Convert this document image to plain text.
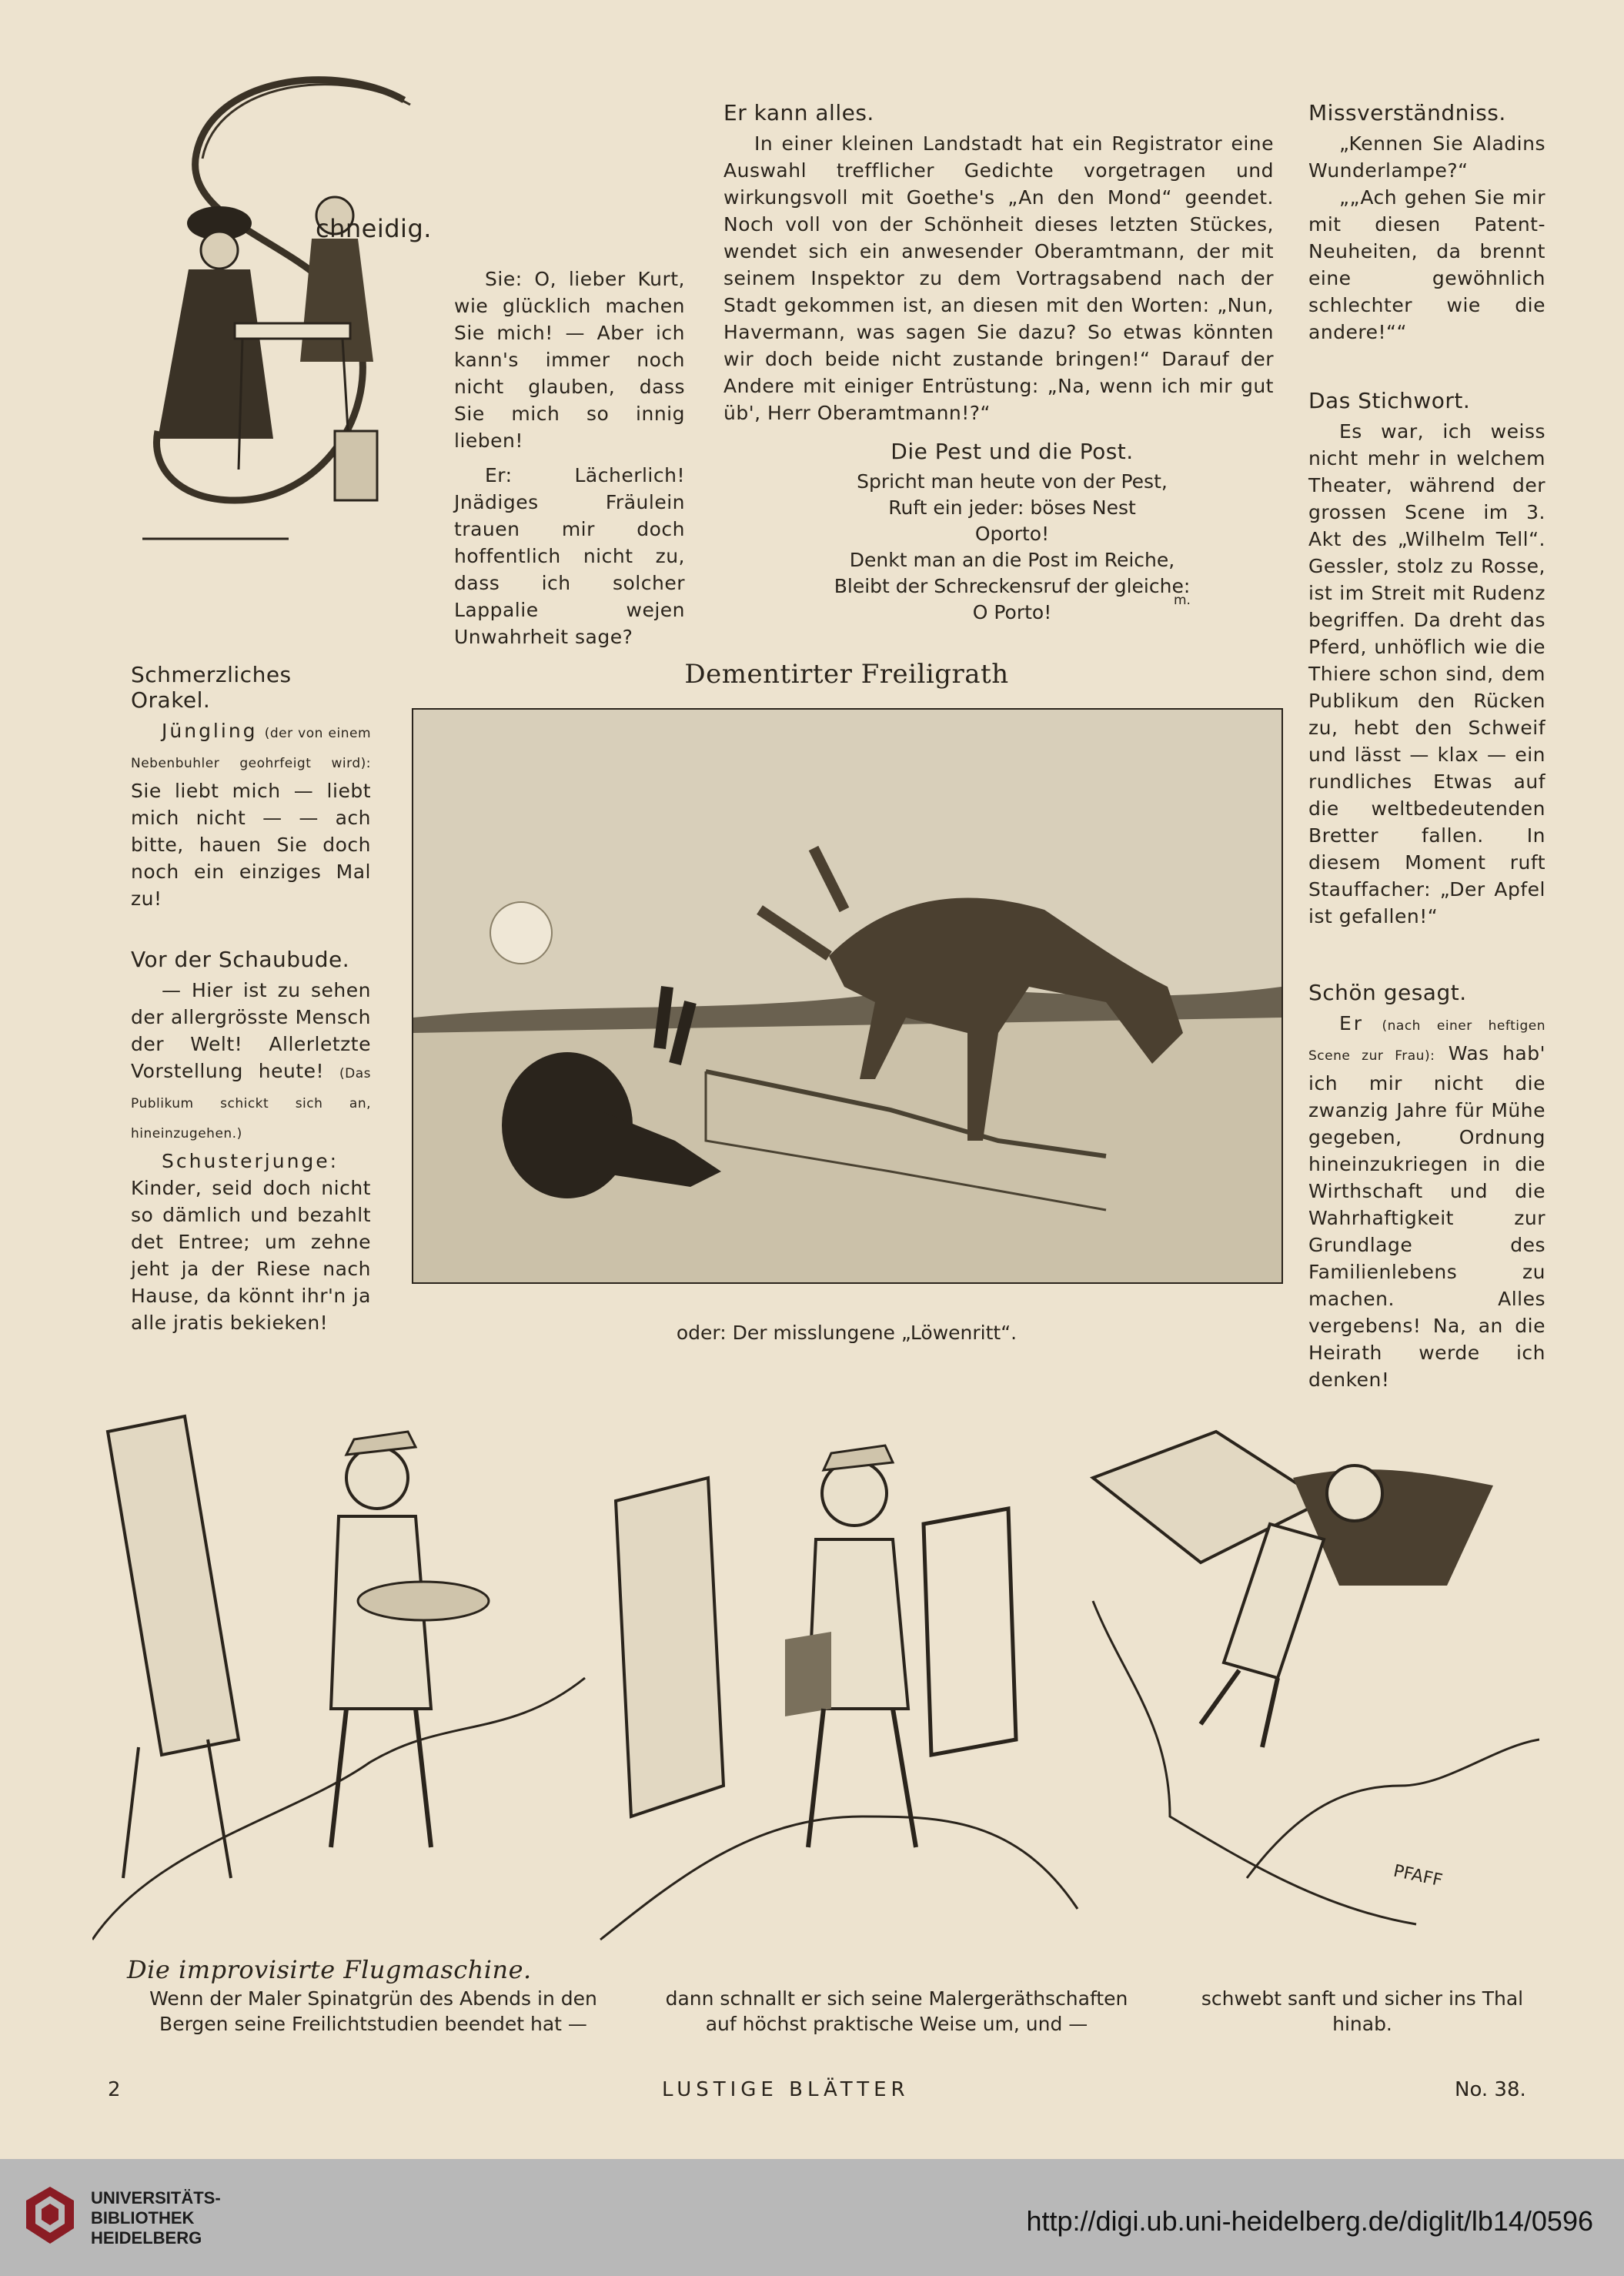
chneidig.

Sie: O, lieber Kurt, wie glücklich machen Sie mich! — Aber ich kann's immer noch nicht glauben, dass Sie mich so innig lieben!

Er: Lächerlich! Jnädiges Fräulein trauen mir doch hoffentlich nicht zu, dass ich solcher Lappalie wejen Unwahrheit sage?

Er kann alles.

In einer kleinen Landstadt hat ein Registrator eine Auswahl trefflicher Gedichte vorgetragen und wirkungsvoll mit Goethe's „An den Mond“ geendet. Noch voll von der Schönheit dieses letzten Stückes, wendet sich ein anwesender Oberamtmann, der mit seinem Inspektor zu dem Vortragsabend nach der Stadt gekommen ist, an diesen mit den Worten: „Nun, Havermann, was sagen Sie dazu? So etwas könnten wir doch beide nicht zustande bringen!“ Darauf der Andere mit einiger Entrüstung: „Na, wenn ich mir gut üb', Herr Oberamtmann!?“

Die Pest und die Post.
Spricht man heute von der Pest,
Ruft ein jeder: böses Nest
Oporto!
Denkt man an die Post im Reiche,
Bleibt der Schreckensruf der gleiche:
O Porto!
m.
Missverständniss.

„Kennen Sie Aladins Wunderlampe?“

„„Ach gehen Sie mir mit diesen Patent-Neuheiten, da brennt eine gewöhnlich schlechter wie die andere!““

Das Stichwort.

Es war, ich weiss nicht mehr in welchem Theater, während der grossen Scene im 3. Akt des „Wilhelm Tell“. Gessler, stolz zu Rosse, ist im Streit mit Rudenz begriffen. Da dreht das Pferd, unhöflich wie die Thiere schon sind, dem Publikum den Rücken zu, hebt den Schweif und lässt — klax — ein rundliches Etwas auf die weltbedeutenden Bretter fallen. In diesem Moment ruft Stauffacher: „Der Apfel ist gefallen!“

Schön gesagt.

Er (nach einer heftigen Scene zur Frau): Was hab' ich mir nicht die zwanzig Jahre für Mühe gegeben, Ordnung hineinzukriegen in die Wirthschaft und die Wahrhaftigkeit zur Grundlage des Familienlebens zu machen. Alles vergebens! Na, an die Heirath werde ich denken!

Schmerzliches Orakel.

Jüngling (der von einem Nebenbuhler geohrfeigt wird): Sie liebt mich — liebt mich nicht — — ach bitte, hauen Sie doch noch ein einziges Mal zu!

Vor der Schaubude.

— Hier ist zu sehen der allergrösste Mensch der Welt! Allerletzte Vorstellung heute! (Das Publikum schickt sich an, hineinzugehen.)

Schusterjunge:

Kinder, seid doch nicht so dämlich und bezahlt det Entree; um zehne jeht ja der Riese nach Hause, da könnt ihr'n ja alle jratis bekieken!

Dementirter Freiligrath
oder: Der misslungene „Löwenritt“.
PFAFF
Die improvisirte Flugmaschine.
Wenn der Maler Spinatgrün des Abends in den Bergen seine Freilichtstudien beendet hat —
dann schnallt er sich seine Malergeräthschaften auf höchst praktische Weise um, und —
schwebt sanft und sicher ins Thal hinab.
2	LUSTIGE BLÄTTER	No. 38.
UNIVERSITÄTS-
BIBLIOTHEK
HEIDELBERG
http://digi.ub.uni-heidelberg.de/diglit/lb14/0596
